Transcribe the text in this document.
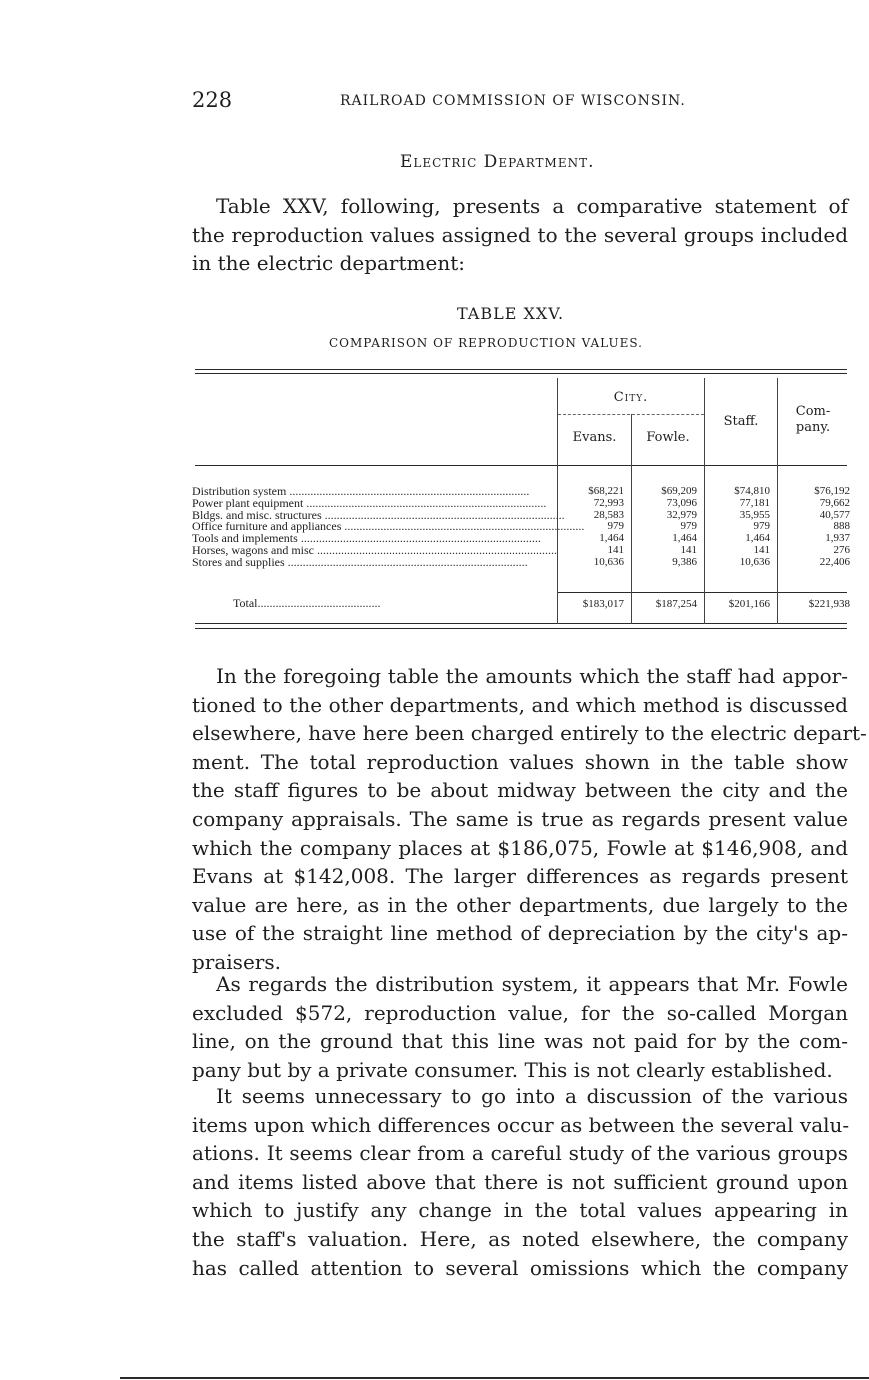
228	RAILROAD COMMISSION OF WISCONSIN.
Electric Department.
Table XXV, following, presents a comparative statement of
the reproduction values assigned to the several groups included
in the electric department:
TABLE XXV.
COMPARISON OF REPRODUCTION VALUES.
City.
Evans.	Fowle.
Staff.
Com-
pany.
Distribution system ................................................................................	$68,221	$69,209	$74,810	$76,192
Power plant equipment ................................................................................	72,993	73,096	77,181	79,662
Bldgs. and misc. structures ................................................................................	28,583	32,979	35,955	40,577
Office furniture and appliances ................................................................................	979	979	979	888
Tools and implements ................................................................................	1,464	1,464	1,464	1,937
Horses, wagons and misc ................................................................................	141	141	141	276
Stores and supplies ................................................................................	10,636	9,386	10,636	22,406
Total.........................................	$183,017	$187,254	$201,166	$221,938
In the foregoing table the amounts which the staff had appor-
tioned to the other departments, and which method is discussed
elsewhere, have here been charged entirely to the electric depart-
ment. The total reproduction values shown in the table show
the staff figures to be about midway between the city and the
company appraisals. The same is true as regards present value
which the company places at $186,075, Fowle at $146,908, and
Evans at $142,008. The larger differences as regards present
value are here, as in the other departments, due largely to the
use of the straight line method of depreciation by the city's ap-
praisers.
As regards the distribution system, it appears that Mr. Fowle
excluded $572, reproduction value, for the so-called Morgan
line, on the ground that this line was not paid for by the com-
pany but by a private consumer. This is not clearly established.
It seems unnecessary to go into a discussion of the various
items upon which differences occur as between the several valu-
ations. It seems clear from a careful study of the various groups
and items listed above that there is not sufficient ground upon
which to justify any change in the total values appearing in
the staff's valuation. Here, as noted elsewhere, the company
has called attention to several omissions which the company
